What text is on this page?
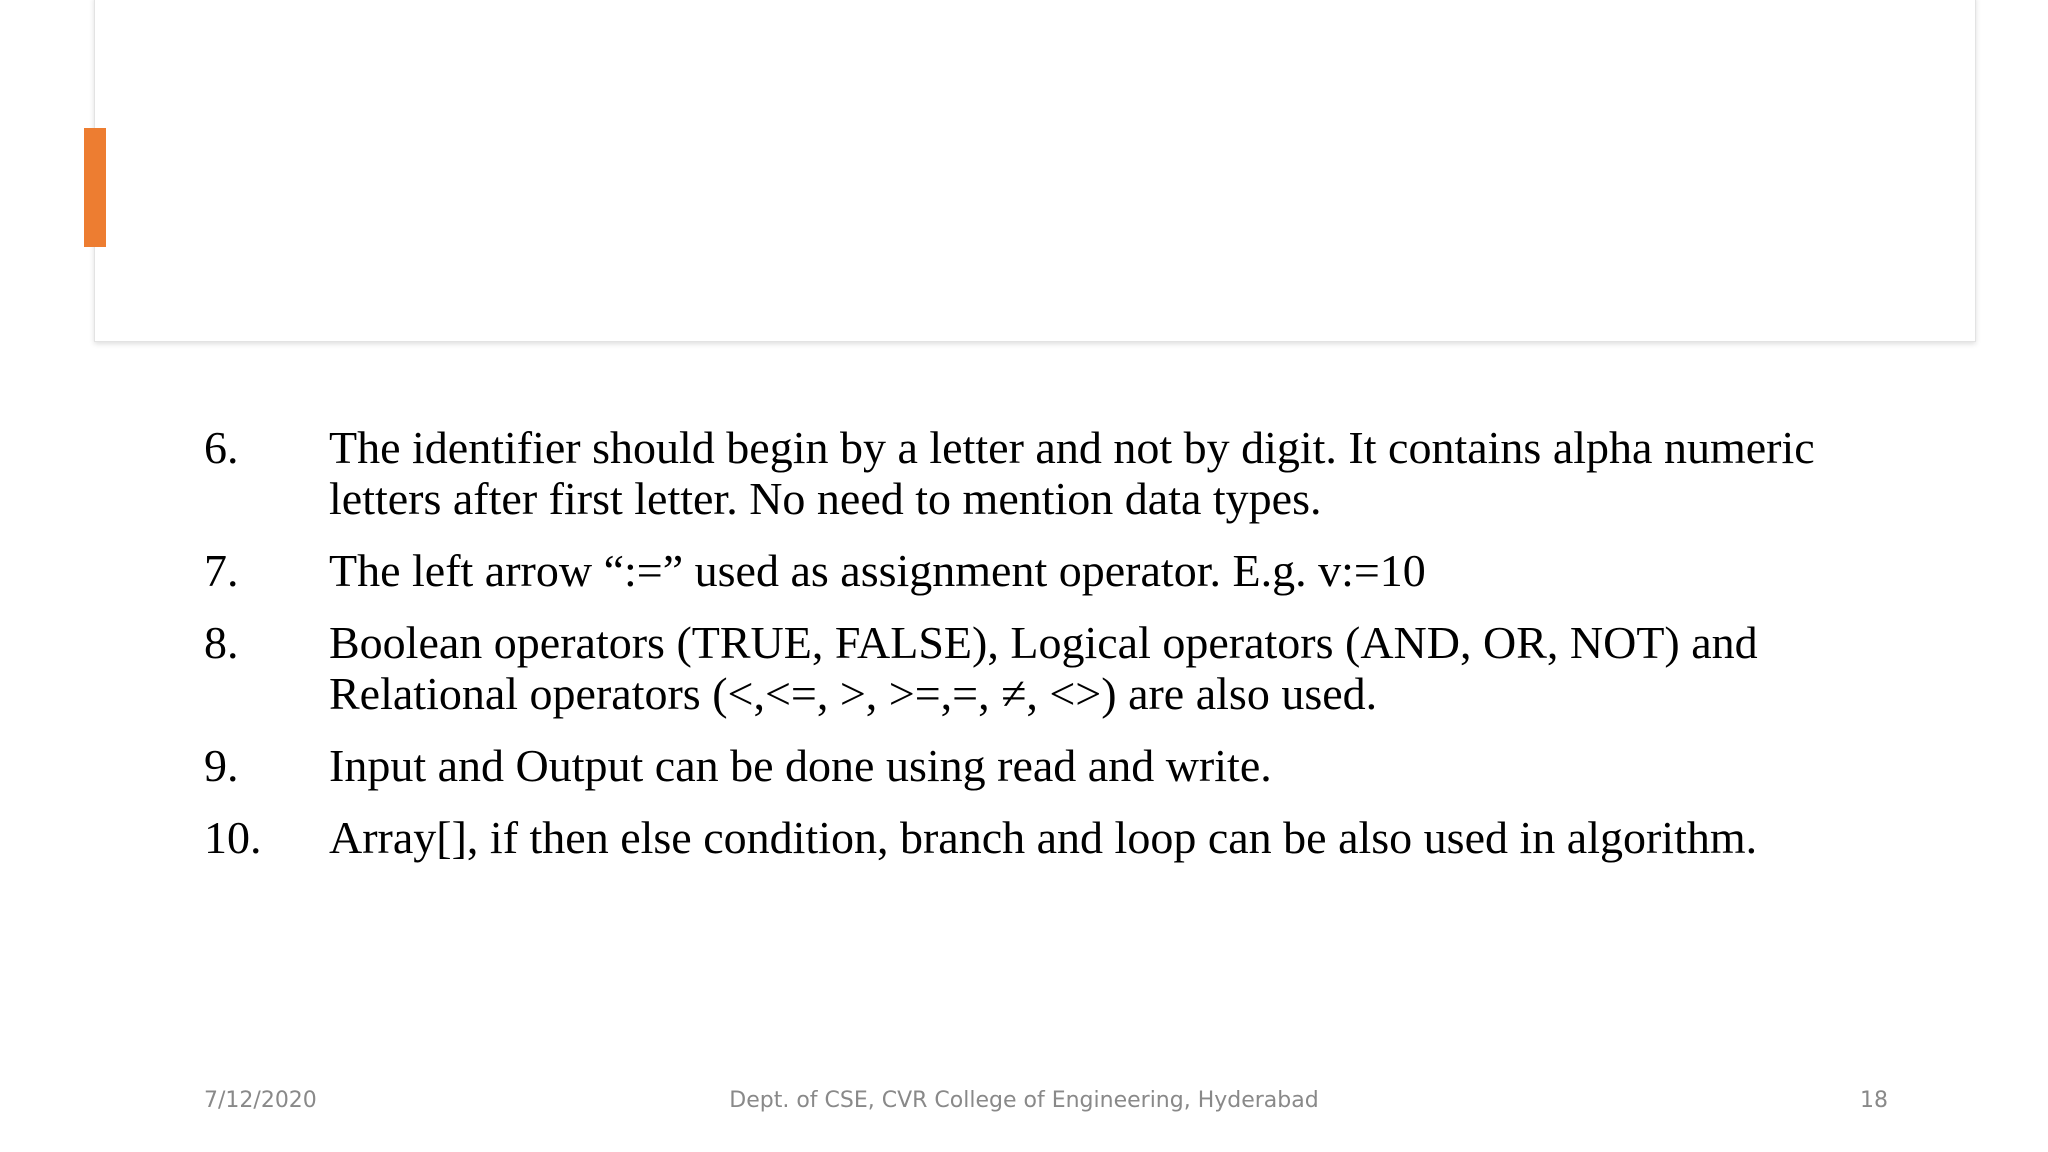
6.	The identifier should begin by a letter and not by digit. It contains alpha numeric letters after first letter. No need to mention data types.
7.	The left arrow “:=” used as assignment operator. E.g. v:=10
8.	Boolean operators (TRUE, FALSE), Logical operators (AND, OR, NOT) and Relational operators (<,<=, >, >=,=, ≠, <>) are also used.
9.	Input and Output can be done using read and write.
10.	Array[], if then else condition, branch and loop can be also used in algorithm.
7/12/2020	Dept. of CSE, CVR College of Engineering, Hyderabad	18
